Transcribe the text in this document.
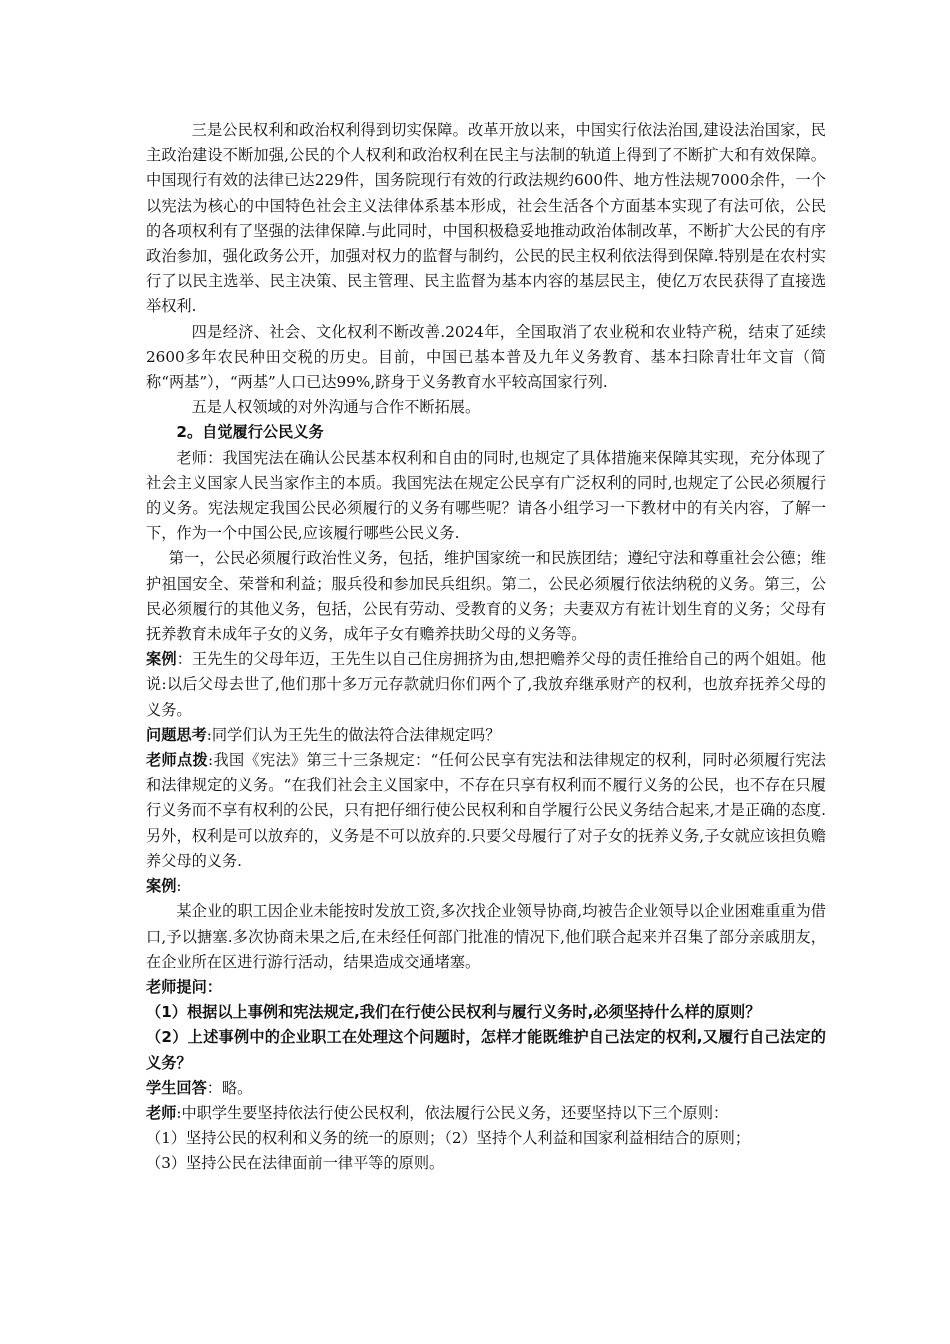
三是公民权利和政治权利得到切实保障。改革开放以来，中国实行依法治国,建设法治国家，民主政治建设不断加强,公民的个人权利和政治权利在民主与法制的轨道上得到了不断扩大和有效保障。中国现行有效的法律已达229件，国务院现行有效的行政法规约600件、地方性法规7000余件，一个以宪法为核心的中国特色社会主义法律体系基本形成，社会生活各个方面基本实现了有法可依，公民的各项权利有了坚强的法律保障.与此同时，中国积极稳妥地推动政治体制改革，不断扩大公民的有序政治参加，强化政务公开，加强对权力的监督与制约，公民的民主权利依法得到保障.特别是在农村实行了以民主选举、民主决策、民主管理、民主监督为基本内容的基层民主，使亿万农民获得了直接选举权利.

四是经济、社会、文化权利不断改善.2024年，全国取消了农业税和农业特产税，结束了延续2600多年农民种田交税的历史。目前，中国已基本普及九年义务教育、基本扫除青壮年文盲（简称“两基”），“两基”人口已达99%,跻身于义务教育水平较高国家行列.

五是人权领域的对外沟通与合作不断拓展。

2。自觉履行公民义务

老师：我国宪法在确认公民基本权利和自由的同时,也规定了具体措施来保障其实现，充分体现了社会主义国家人民当家作主的本质。我国宪法在规定公民享有广泛权利的同时,也规定了公民必须履行的义务。宪法规定我国公民必须履行的义务有哪些呢？请各小组学习一下教材中的有关内容，了解一下，作为一个中国公民,应该履行哪些公民义务.

第一，公民必须履行政治性义务，包括，维护国家统一和民族团结；遵纪守法和尊重社会公德；维护祖国安全、荣誉和利益；服兵役和参加民兵组织。第二，公民必须履行依法纳税的义务。第三，公民必须履行的其他义务，包括，公民有劳动、受教育的义务；夫妻双方有袏计划生育的义务；父母有抚养教育未成年子女的义务，成年子女有赡养扶助父母的义务等。

案例：王先生的父母年迈，王先生以自己住房拥挤为由,想把赡养父母的责任推给自己的两个姐姐。他说:以后父母去世了,他们那十多万元存款就归你们两个了,我放弃继承财产的权利，也放弃抚养父母的义务。

问题思考:同学们认为王先生的做法符合法律规定吗？

老师点拨:我国《宪法》第三十三条规定：“任何公民享有宪法和法律规定的权利，同时必须履行宪法和法律规定的义务。“在我们社会主义国家中，不存在只享有权利而不履行义务的公民，也不存在只履行义务而不享有权利的公民，只有把仔细行使公民权利和自学履行公民义务结合起来,才是正确的态度.另外，权利是可以放弃的，义务是不可以放弃的.只要父母履行了对子女的抚养义务,子女就应该担负赡养父母的义务.

案例:

某企业的职工因企业未能按时发放工资,多次找企业领导协商,均被告企业领导以企业困难重重为借口,予以搪塞.多次协商未果之后,在未经任何部门批准的情况下,他们联合起来并召集了部分亲戚朋友，在企业所在区进行游行活动，结果造成交通堵塞。

老师提问：

（1）根据以上事例和宪法规定,我们在行使公民权利与履行义务时,必须坚持什么样的原则？

（2）上述事例中的企业职工在处理这个问题时，怎样才能既维护自己法定的权利,又履行自己法定的义务？

学生回答：略。

老师:中职学生要坚持依法行使公民权利，依法履行公民义务，还要坚持以下三个原则：

（1）坚持公民的权利和义务的统一的原则；（2）坚持个人利益和国家利益相结合的原则；

（3）坚持公民在法律面前一律平等的原则。
